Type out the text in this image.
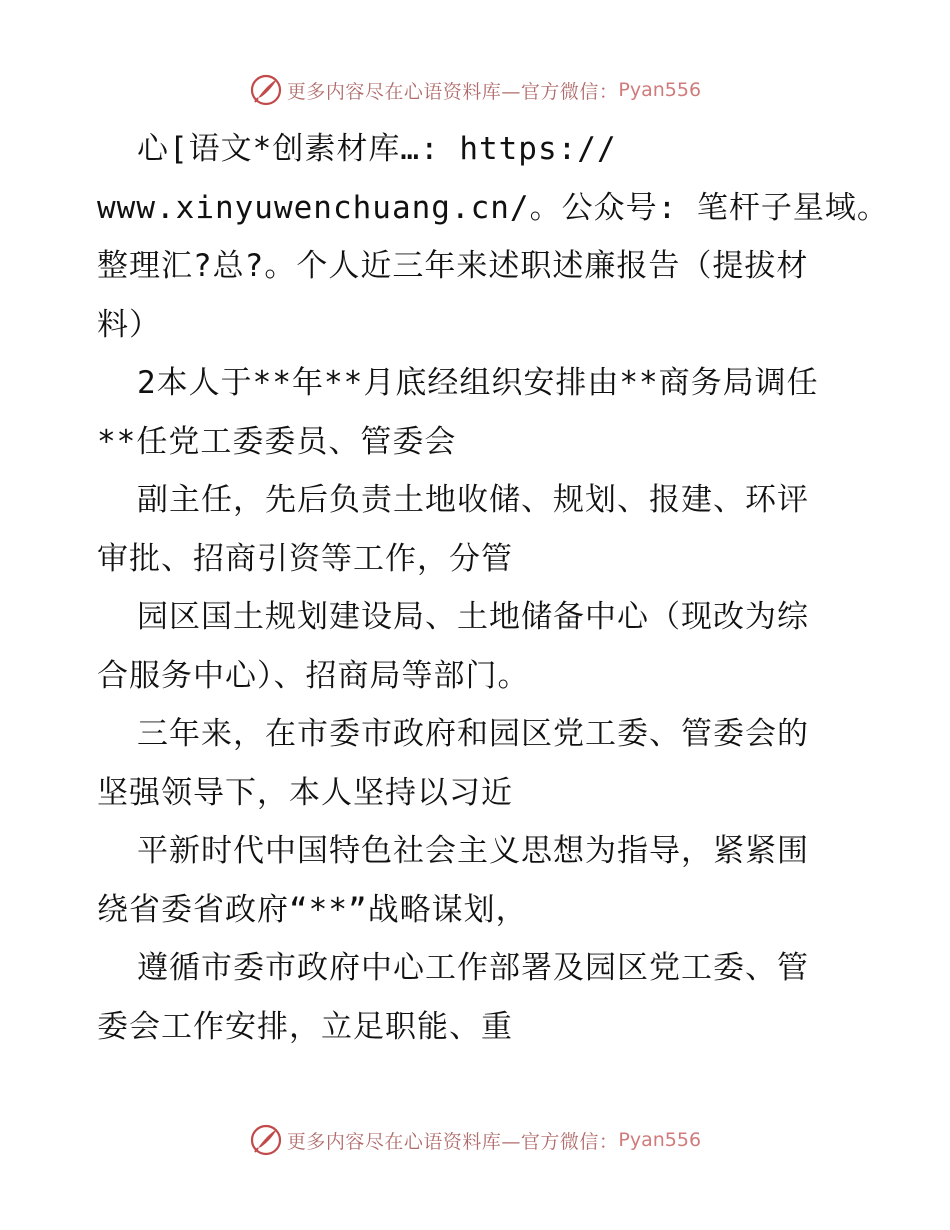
更多内容尽在心语资料库—官方微信： Pyan556
心[语文*创素材库…: https://
www.xinyuwenchuang.cn/。公众号: 笔杆子星域。
整理汇?总?。个人近三年来述职述廉报告（提拔材
料）
2本人于**年**月底经组织安排由**商务局调任
**任党工委委员、管委会
副主任，先后负责土地收储、规划、报建、环评
审批、招商引资等工作，分管
园区国土规划建设局、土地储备中心（现改为综
合服务中心）、招商局等部门。
三年来，在市委市政府和园区党工委、管委会的
坚强领导下，本人坚持以习近
平新时代中国特色社会主义思想为指导，紧紧围
绕省委省政府“**”战略谋划，
遵循市委市政府中心工作部署及园区党工委、管
委会工作安排，立足职能、重
更多内容尽在心语资料库—官方微信： Pyan556
